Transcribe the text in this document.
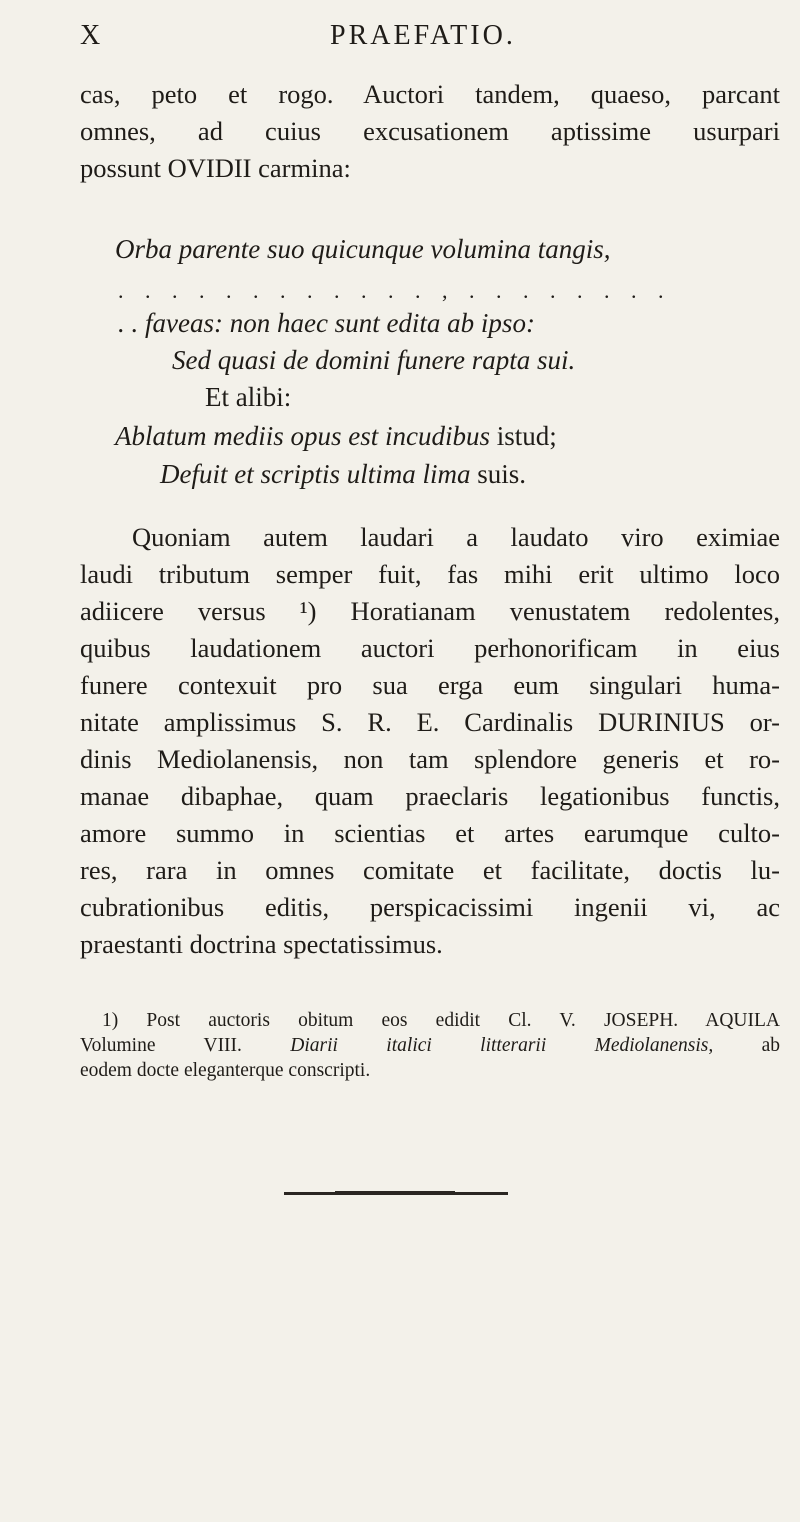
X	PRAEFATIO.
cas, peto et rogo. Auctori tandem, quaeso, parcant
omnes, ad cuius excusationem aptissime usurpari
possunt OVIDII carmina:
Orba parente suo quicunque volumina tangis,
. . . . . . . . . . . . , . . . . . . . .
. . faveas: non haec sunt edita ab ipso:
Sed quasi de domini funere rapta sui.
Et alibi:
Ablatum mediis opus est incudibus istud;
Defuit et scriptis ultima lima suis.
Quoniam autem laudari a laudato viro eximiae
laudi tributum semper fuit, fas mihi erit ultimo loco
adiicere versus ¹) Horatianam venustatem redolentes,
quibus laudationem auctori perhonorificam in eius
funere contexuit pro sua erga eum singulari huma-
nitate amplissimus S. R. E. Cardinalis DURINIUS or-
dinis Mediolanensis, non tam splendore generis et ro-
manae dibaphae, quam praeclaris legationibus functis,
amore summo in scientias et artes earumque culto-
res, rara in omnes comitate et facilitate, doctis lu-
cubrationibus editis, perspicacissimi ingenii vi, ac
praestanti doctrina spectatissimus.
1) Post auctoris obitum eos edidit Cl. V. JOSEPH. AQUILA
Volumine VIII. Diarii italici litterarii Mediolanensis, ab
eodem docte eleganterque conscripti.
